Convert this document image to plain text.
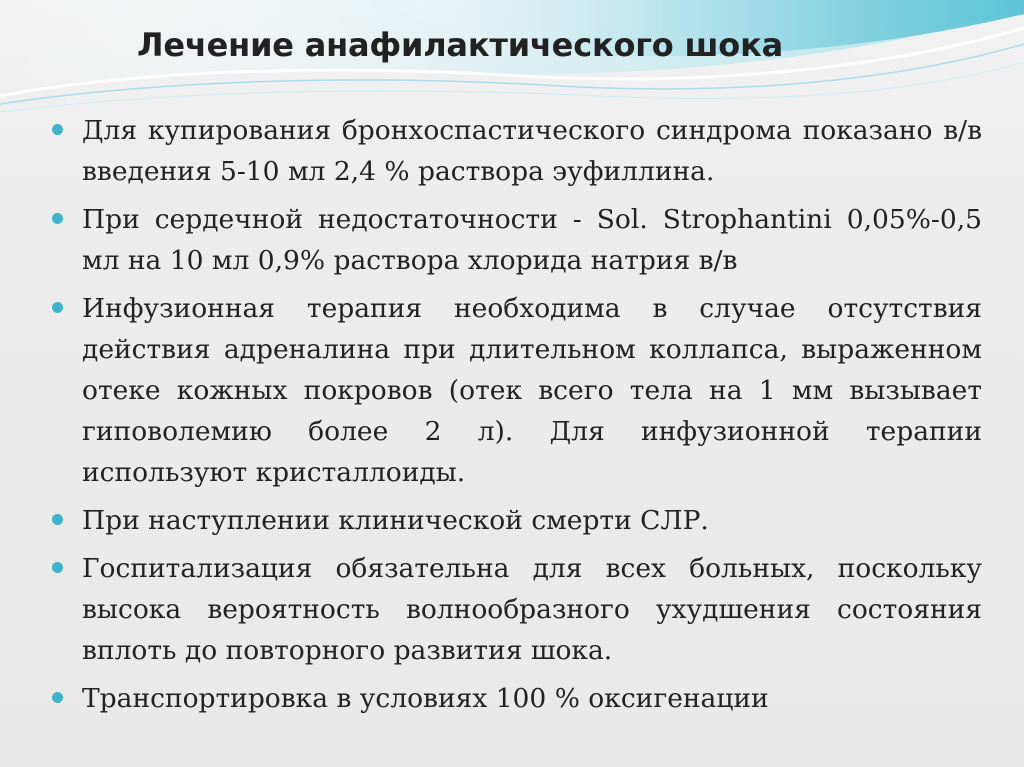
Лечение анафилактического шока
Для купирования бронхоспастического синдрома показано в/в введения 5-10 мл 2,4 % раствора эуфиллина.
При сердечной недостаточности - Sol. Strophantini 0,05%-0,5 мл на 10 мл 0,9% раствора хлорида натрия в/в
Инфузионная терапия необходима в случае отсутствия действия адреналина при длительном коллапса, выраженном отеке кожных покровов (отек всего тела на 1 мм вызывает гиповолемию более 2 л). Для инфузионной терапии используют кристаллоиды.
При наступлении клинической смерти СЛР.
Госпитализация обязательна для всех больных, поскольку высока вероятность волнообразного ухудшения состояния вплоть до повторного развития шока.
Транспортировка в условиях 100 % оксигенации
